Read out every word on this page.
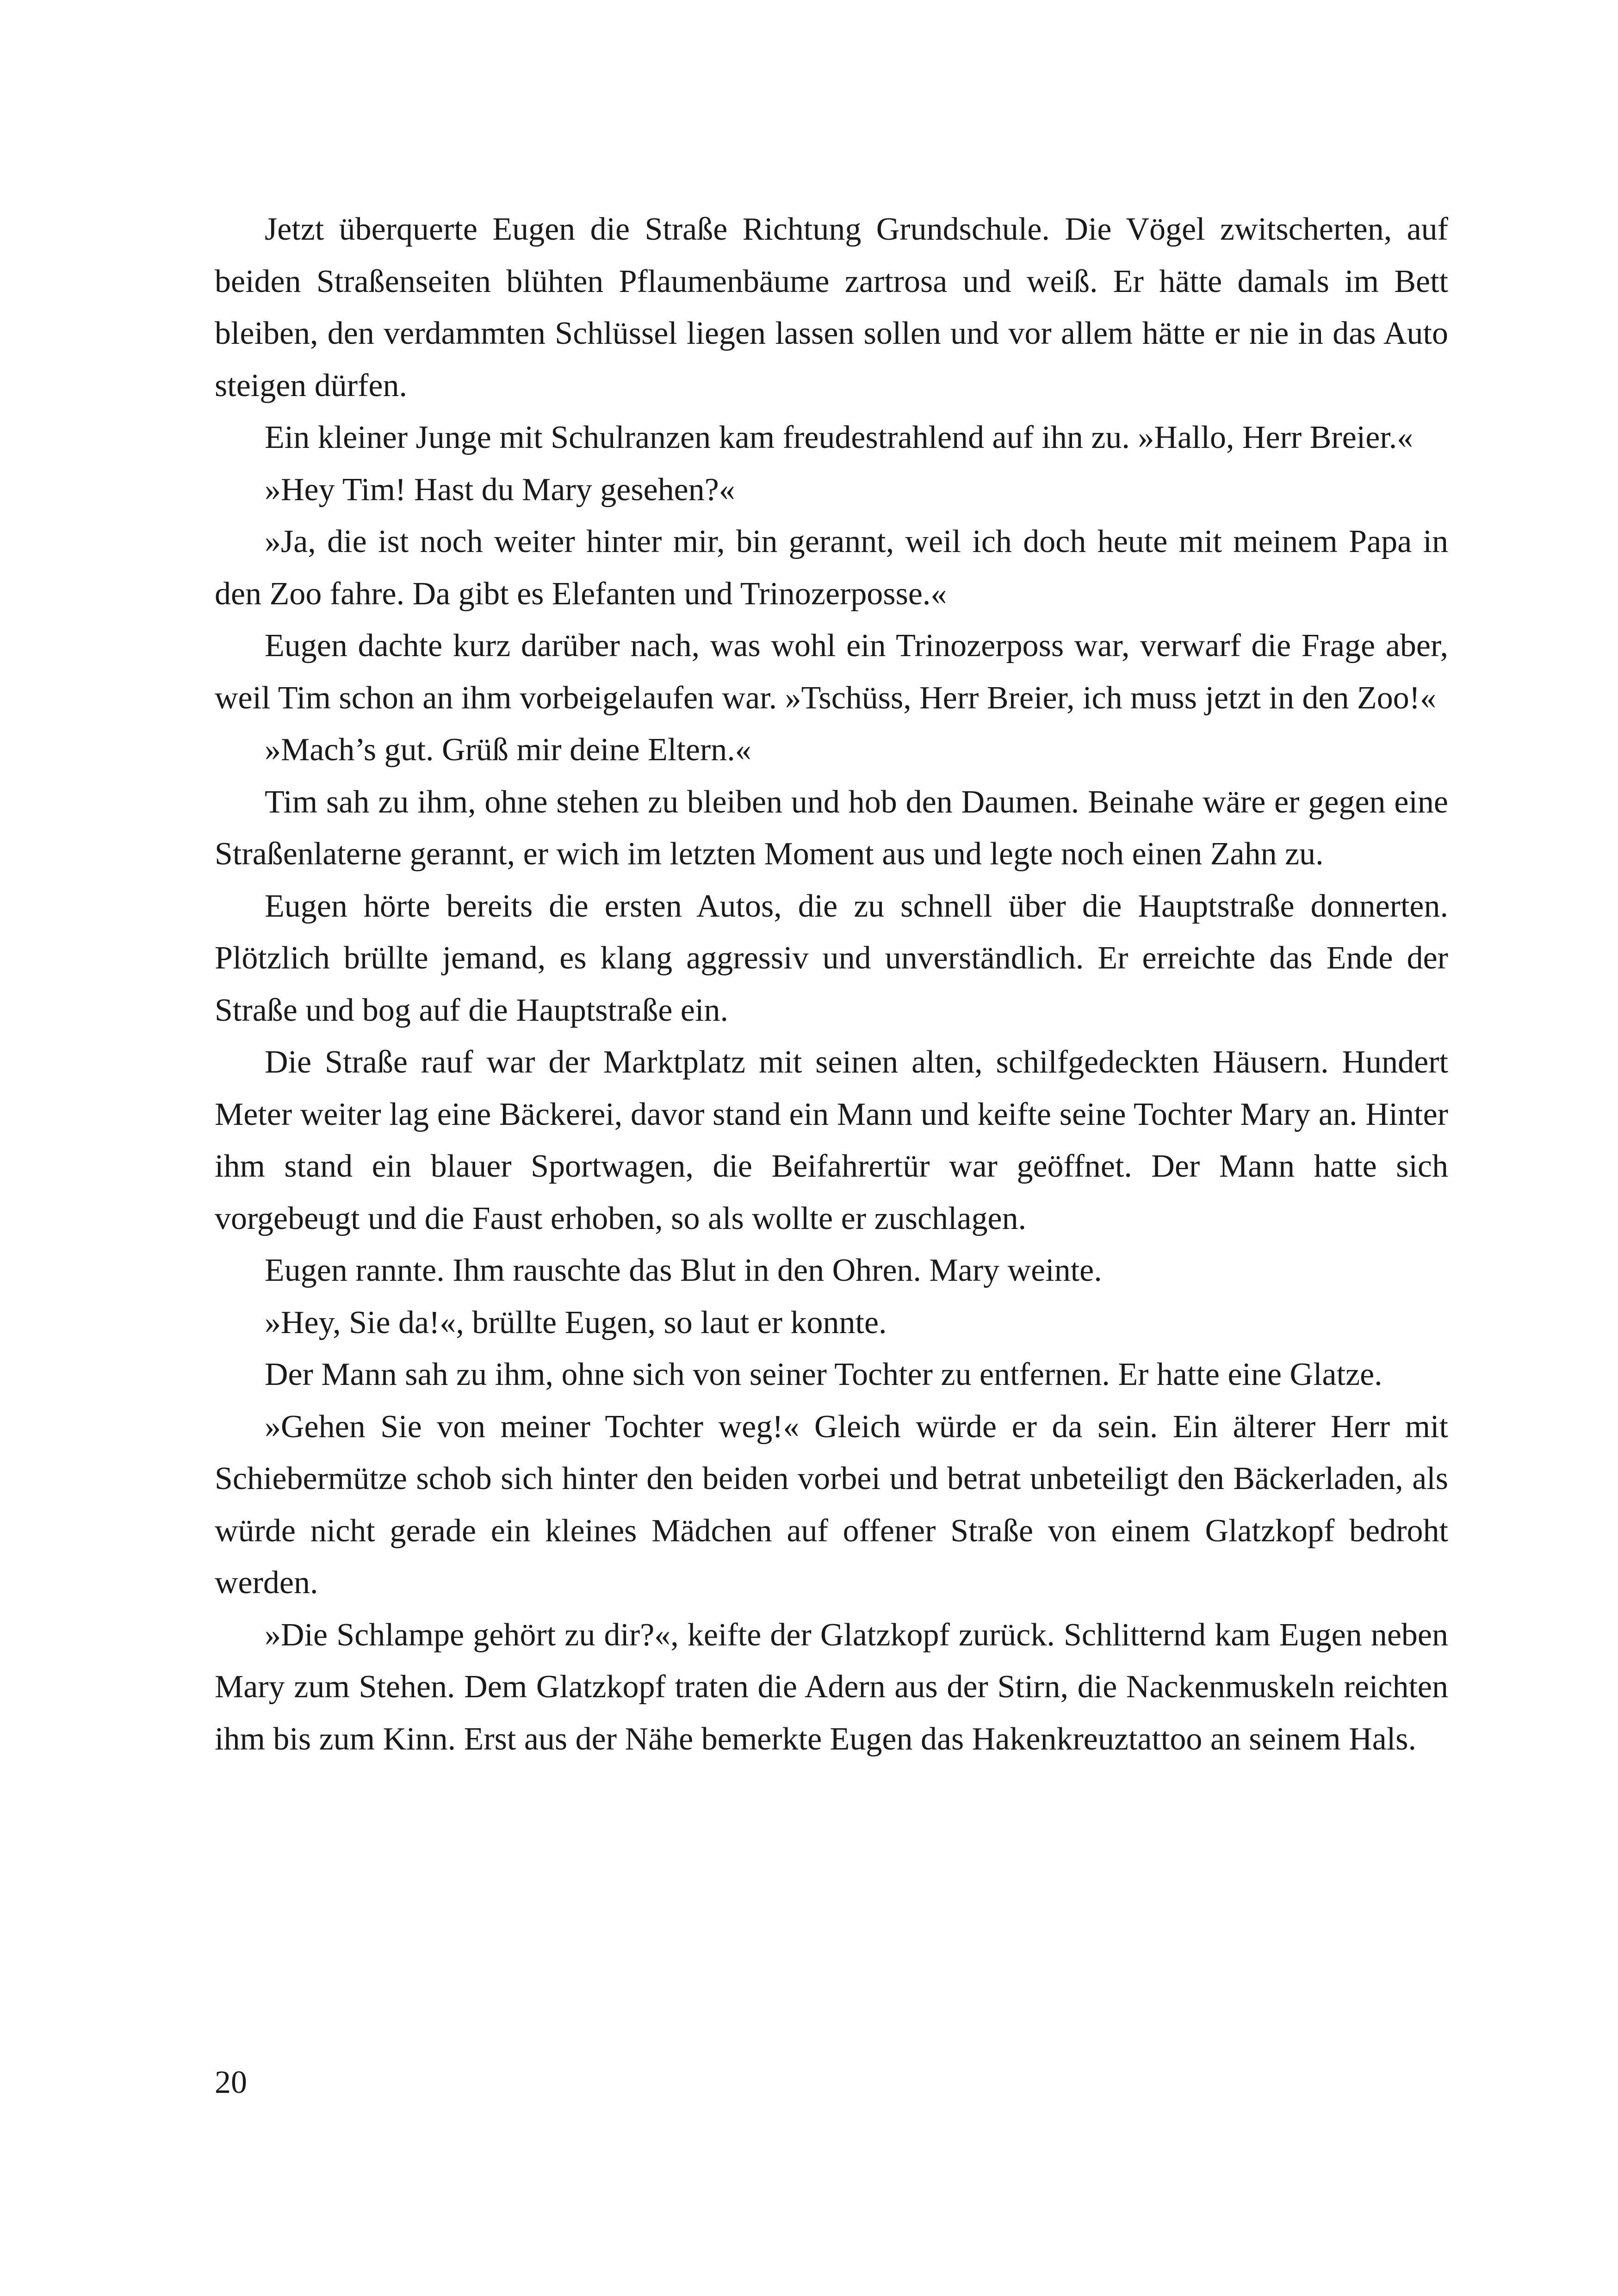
Jetzt überquerte Eugen die Straße Richtung Grundschule. Die Vögel zwitscherten, auf beiden Straßenseiten blühten Pflaumenbäume zartrosa und weiß. Er hätte damals im Bett bleiben, den verdammten Schlüssel liegen lassen sollen und vor allem hätte er nie in das Auto steigen dürfen.

Ein kleiner Junge mit Schulranzen kam freudestrahlend auf ihn zu. »Hallo, Herr Breier.«

»Hey Tim! Hast du Mary gesehen?«

»Ja, die ist noch weiter hinter mir, bin gerannt, weil ich doch heute mit meinem Papa in den Zoo fahre. Da gibt es Elefanten und Trinozerposse.«

Eugen dachte kurz darüber nach, was wohl ein Trinozerposs war, verwarf die Frage aber, weil Tim schon an ihm vorbeigelaufen war. »Tschüss, Herr Breier, ich muss jetzt in den Zoo!«

»Mach’s gut. Grüß mir deine Eltern.«

Tim sah zu ihm, ohne stehen zu bleiben und hob den Daumen. Beinahe wäre er gegen eine Straßenlaterne gerannt, er wich im letzten Moment aus und legte noch einen Zahn zu.

Eugen hörte bereits die ersten Autos, die zu schnell über die Hauptstraße donnerten. Plötzlich brüllte jemand, es klang aggressiv und unverständlich. Er erreichte das Ende der Straße und bog auf die Hauptstraße ein.

Die Straße rauf war der Marktplatz mit seinen alten, schilfgedeckten Häusern. Hundert Meter weiter lag eine Bäckerei, davor stand ein Mann und keifte seine Tochter Mary an. Hinter ihm stand ein blauer Sportwagen, die Beifahrertür war geöffnet. Der Mann hatte sich vorgebeugt und die Faust erhoben, so als wollte er zuschlagen.

Eugen rannte. Ihm rauschte das Blut in den Ohren. Mary weinte.

»Hey, Sie da!«, brüllte Eugen, so laut er konnte.

Der Mann sah zu ihm, ohne sich von seiner Tochter zu entfernen. Er hatte eine Glatze.

»Gehen Sie von meiner Tochter weg!« Gleich würde er da sein. Ein älterer Herr mit Schiebermütze schob sich hinter den beiden vorbei und betrat unbeteiligt den Bäckerladen, als würde nicht gerade ein kleines Mädchen auf offener Straße von einem Glatzkopf bedroht werden.

»Die Schlampe gehört zu dir?«, keifte der Glatzkopf zurück. Schlitternd kam Eugen neben Mary zum Stehen. Dem Glatzkopf traten die Adern aus der Stirn, die Nackenmuskeln reichten ihm bis zum Kinn. Erst aus der Nähe bemerkte Eugen das Hakenkreuztattoo an seinem Hals.

20
